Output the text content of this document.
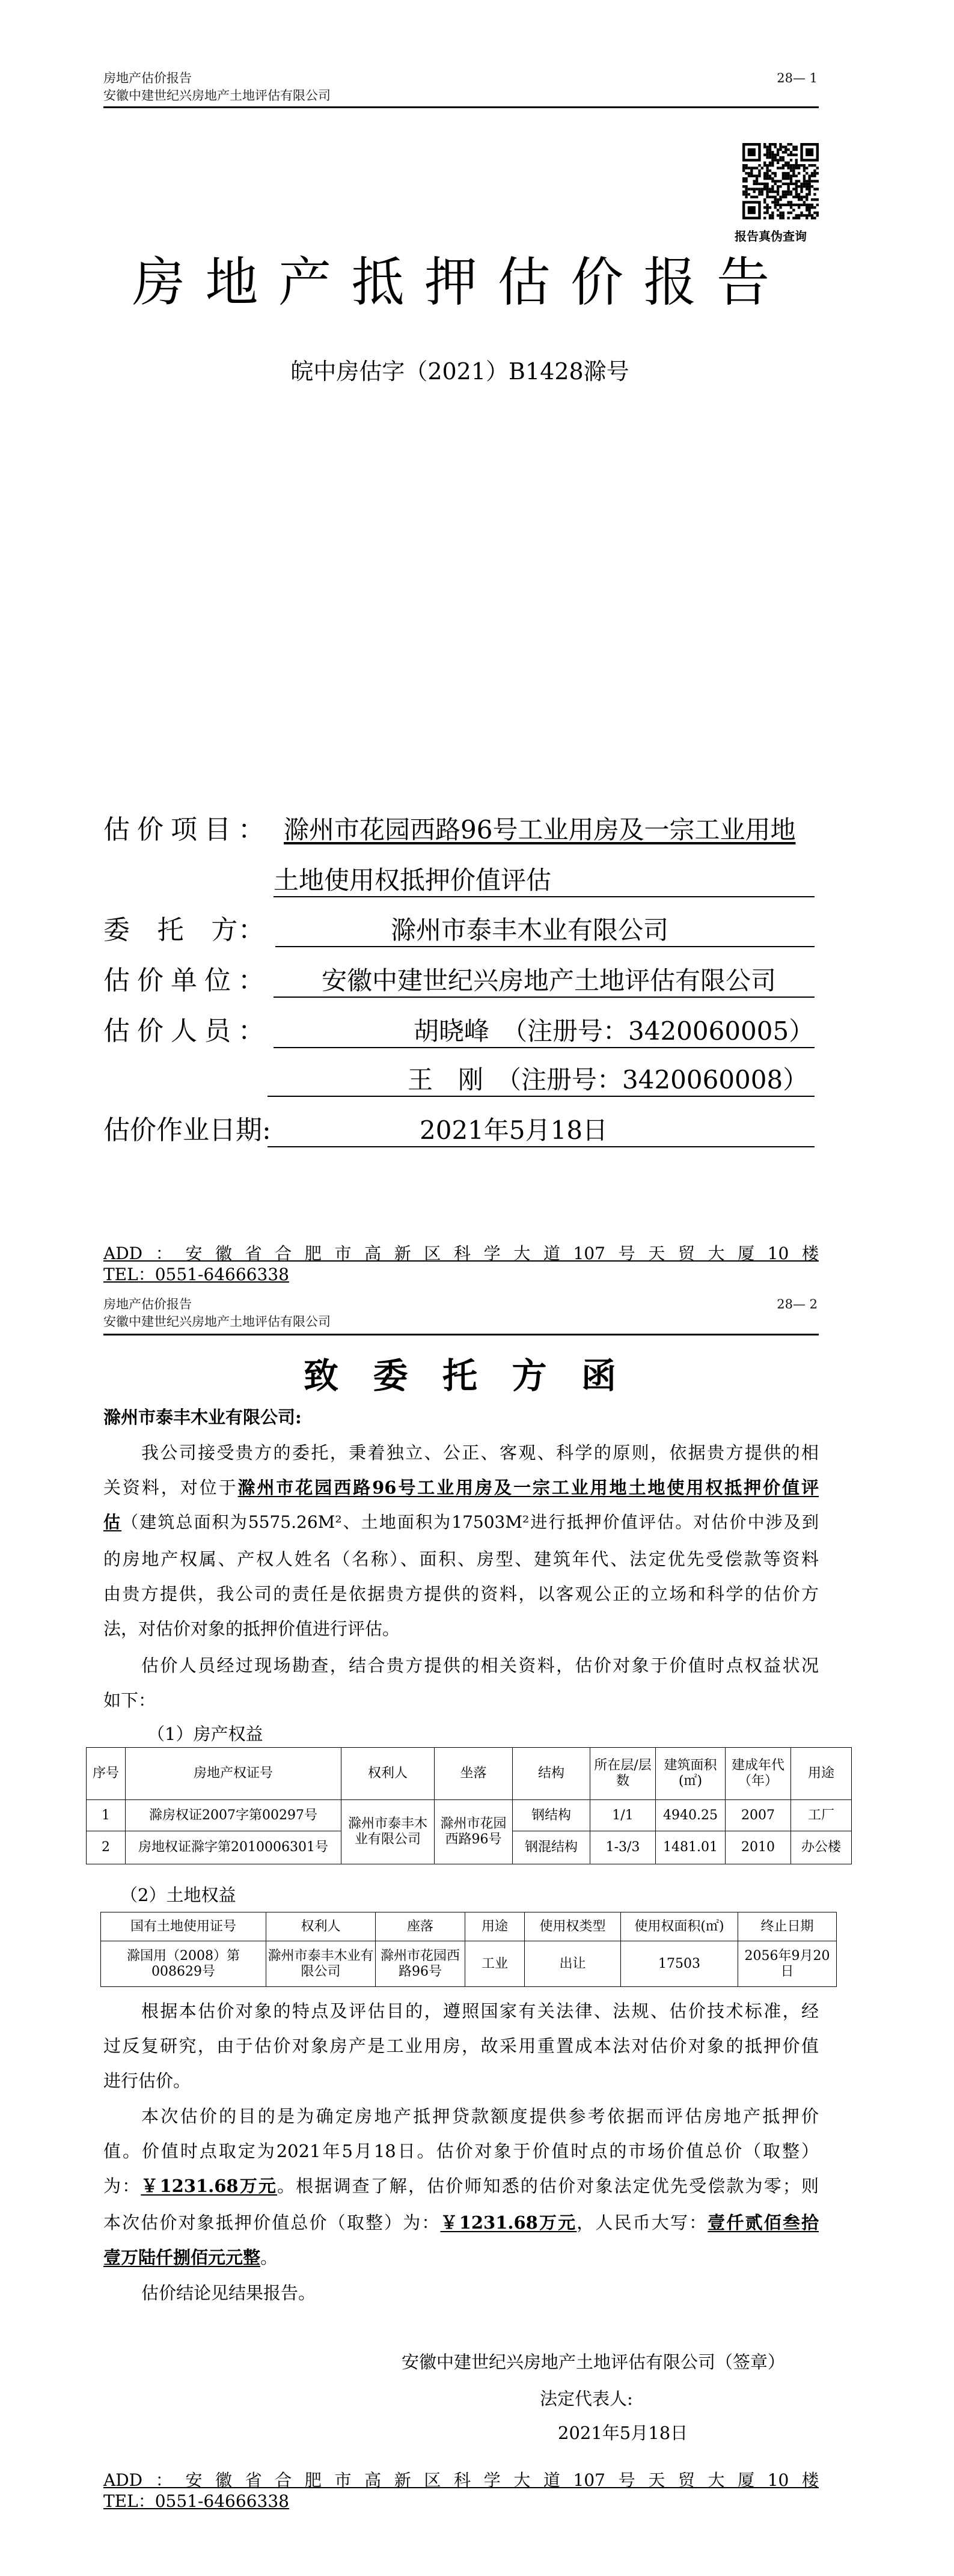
房地产估价报告
安徽中建世纪兴房地产土地评估有限公司
28— 1
报告真伪查询
房地产抵押估价报告
皖中房估字（2021）B1428滁号
估价项目： 滁州市花园西路96号工业用房及一宗工业用地
土地使用权抵押价值评估
委　托　方：	滁州市泰丰木业有限公司
估价单位：	安徽中建世纪兴房地产土地评估有限公司
估价人员：	胡晓峰　（注册号：3420060005）
王　刚　（注册号：3420060008）
估价作业日期:	2021年5月18日
ADD：安徽省合肥市高新区科学大道107号天贸大厦10楼
TEL：0551-64666338
房地产估价报告
安徽中建世纪兴房地产土地评估有限公司
28— 2
致委托方函
滁州市泰丰木业有限公司:
我公司接受贵方的委托，秉着独立、公正、客观、科学的原则，依据贵方提供的相
关资料，对位于滁州市花园西路96号工业用房及一宗工业用地土地使用权抵押价值评
估（建筑总面积为5575.26M²、土地面积为17503M²进行抵押价值评估。对估价中涉及到
的房地产权属、产权人姓名（名称）、面积、房型、建筑年代、法定优先受偿款等资料
由贵方提供，我公司的责任是依据贵方提供的资料，以客观公正的立场和科学的估价方
法，对估价对象的抵押价值进行评估。
估价人员经过现场勘查，结合贵方提供的相关资料，估价对象于价值时点权益状况
如下：
（1）房产权益
序号	房地产权证号	权利人	坐落	结构	所在层/层数	建筑面积(㎡)	建成年代（年）	用途
1	滁房权证2007字第00297号	滁州市泰丰木业有限公司	滁州市花园西路96号	钢结构	1/1	4940.25	2007	工厂
2	房地权证滁字第2010006301号			钢混结构	1-3/3	1481.01	2010	办公楼
（2）土地权益
国有土地使用证号	权利人	座落	用途	使用权类型	使用权面积(㎡)	终止日期
滁国用（2008）第008629号	滁州市泰丰木业有限公司	滁州市花园西路96号	工业	出让	17503	2056年9月20日
根据本估价对象的特点及评估目的，遵照国家有关法律、法规、估价技术标准，经
过反复研究，由于估价对象房产是工业用房，故采用重置成本法对估价对象的抵押价值
进行估价。
本次估价的目的是为确定房地产抵押贷款额度提供参考依据而评估房地产抵押价
值。价值时点取定为2021年5月18日。估价对象于价值时点的市场价值总价（取整）
为：￥1231.68万元。根据调查了解，估价师知悉的估价对象法定优先受偿款为零；则
本次估价对象抵押价值总价（取整）为：￥1231.68万元，人民币大写：壹仟贰佰叁拾
壹万陆仟捌佰元元整。
估价结论见结果报告。
安徽中建世纪兴房地产土地评估有限公司（签章）
法定代表人:
2021年5月18日
ADD：安徽省合肥市高新区科学大道107号天贸大厦10楼
TEL：0551-64666338
